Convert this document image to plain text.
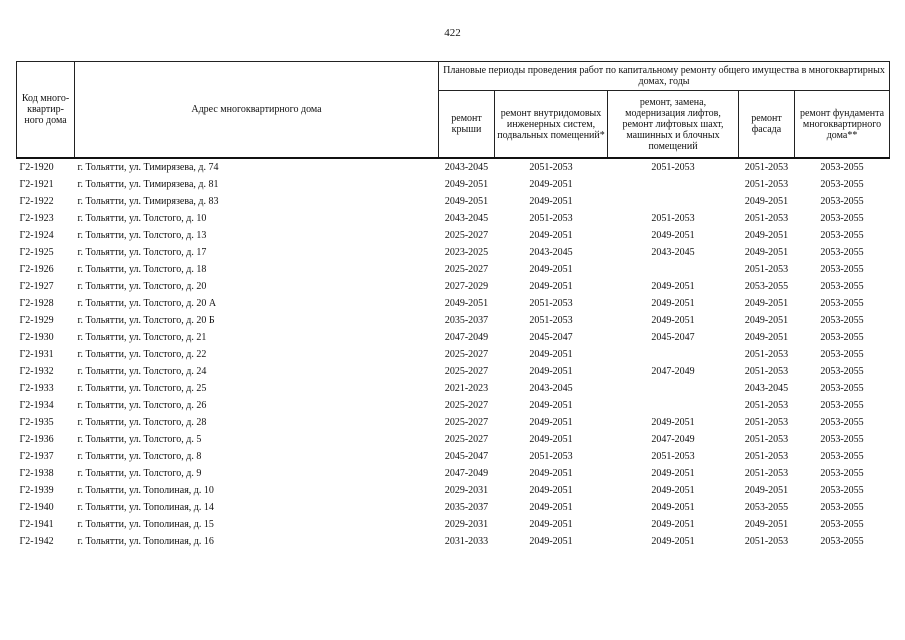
422
Код много-квартир-ного дома	Адрес многоквартирного дома	Плановые периоды проведения работ по капитальному ремонту общего имущества в многоквартирных домах, годы				
		ремонт крыши	ремонт внутридомовых инженерных систем, подвальных помещений*	ремонт, замена, модернизация лифтов, ремонт лифтовых шахт, машинных и блочных помещений	ремонт фасада	ремонт фундамента многоквартирного дома**
Г2-1920	г. Тольятти, ул. Тимирязева, д. 74	2043-2045	2051-2053	2051-2053	2051-2053	2053-2055
Г2-1921	г. Тольятти, ул. Тимирязева, д. 81	2049-2051	2049-2051		2051-2053	2053-2055
Г2-1922	г. Тольятти, ул. Тимирязева, д. 83	2049-2051	2049-2051		2049-2051	2053-2055
Г2-1923	г. Тольятти, ул. Толстого, д. 10	2043-2045	2051-2053	2051-2053	2051-2053	2053-2055
Г2-1924	г. Тольятти, ул. Толстого, д. 13	2025-2027	2049-2051	2049-2051	2049-2051	2053-2055
Г2-1925	г. Тольятти, ул. Толстого, д. 17	2023-2025	2043-2045	2043-2045	2049-2051	2053-2055
Г2-1926	г. Тольятти, ул. Толстого, д. 18	2025-2027	2049-2051		2051-2053	2053-2055
Г2-1927	г. Тольятти, ул. Толстого, д. 20	2027-2029	2049-2051	2049-2051	2053-2055	2053-2055
Г2-1928	г. Тольятти, ул. Толстого, д. 20 А	2049-2051	2051-2053	2049-2051	2049-2051	2053-2055
Г2-1929	г. Тольятти, ул. Толстого, д. 20 Б	2035-2037	2051-2053	2049-2051	2049-2051	2053-2055
Г2-1930	г. Тольятти, ул. Толстого, д. 21	2047-2049	2045-2047	2045-2047	2049-2051	2053-2055
Г2-1931	г. Тольятти, ул. Толстого, д. 22	2025-2027	2049-2051		2051-2053	2053-2055
Г2-1932	г. Тольятти, ул. Толстого, д. 24	2025-2027	2049-2051	2047-2049	2051-2053	2053-2055
Г2-1933	г. Тольятти, ул. Толстого, д. 25	2021-2023	2043-2045		2043-2045	2053-2055
Г2-1934	г. Тольятти, ул. Толстого, д. 26	2025-2027	2049-2051		2051-2053	2053-2055
Г2-1935	г. Тольятти, ул. Толстого, д. 28	2025-2027	2049-2051	2049-2051	2051-2053	2053-2055
Г2-1936	г. Тольятти, ул. Толстого, д. 5	2025-2027	2049-2051	2047-2049	2051-2053	2053-2055
Г2-1937	г. Тольятти, ул. Толстого, д. 8	2045-2047	2051-2053	2051-2053	2051-2053	2053-2055
Г2-1938	г. Тольятти, ул. Толстого, д. 9	2047-2049	2049-2051	2049-2051	2051-2053	2053-2055
Г2-1939	г. Тольятти, ул. Тополиная, д. 10	2029-2031	2049-2051	2049-2051	2049-2051	2053-2055
Г2-1940	г. Тольятти, ул. Тополиная, д. 14	2035-2037	2049-2051	2049-2051	2053-2055	2053-2055
Г2-1941	г. Тольятти, ул. Тополиная, д. 15	2029-2031	2049-2051	2049-2051	2049-2051	2053-2055
Г2-1942	г. Тольятти, ул. Тополиная, д. 16	2031-2033	2049-2051	2049-2051	2051-2053	2053-2055
